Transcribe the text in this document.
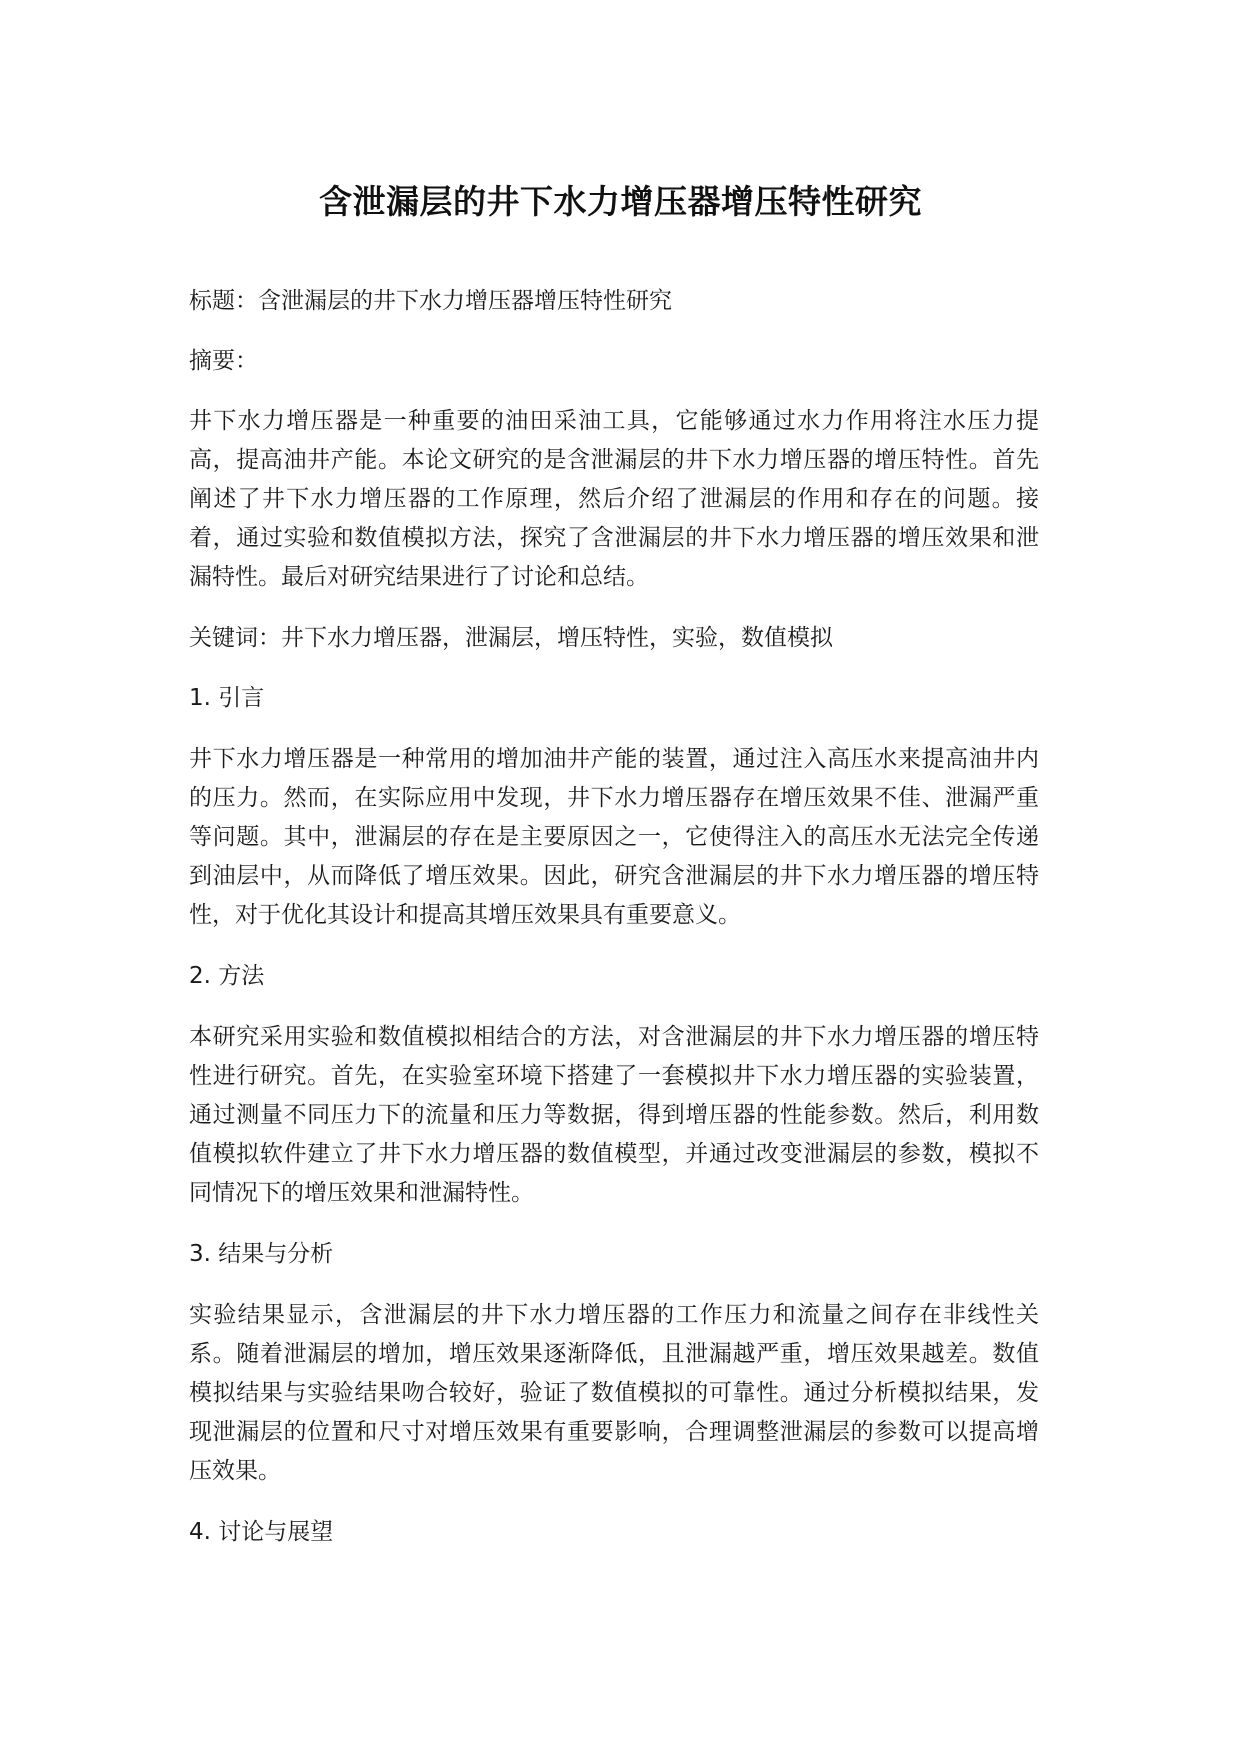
含泄漏层的井下水力增压器增压特性研究

标题：含泄漏层的井下水力增压器增压特性研究

摘要：

井下水力增压器是一种重要的油田采油工具，它能够通过水力作用将注水压力提高，提高油井产能。本论文研究的是含泄漏层的井下水力增压器的增压特性。首先阐述了井下水力增压器的工作原理，然后介绍了泄漏层的作用和存在的问题。接着，通过实验和数值模拟方法，探究了含泄漏层的井下水力增压器的增压效果和泄漏特性。最后对研究结果进行了讨论和总结。

关键词：井下水力增压器，泄漏层，增压特性，实验，数值模拟

1. 引言

井下水力增压器是一种常用的增加油井产能的装置，通过注入高压水来提高油井内的压力。然而，在实际应用中发现，井下水力增压器存在增压效果不佳、泄漏严重等问题。其中，泄漏层的存在是主要原因之一，它使得注入的高压水无法完全传递到油层中，从而降低了增压效果。因此，研究含泄漏层的井下水力增压器的增压特性，对于优化其设计和提高其增压效果具有重要意义。

2. 方法

本研究采用实验和数值模拟相结合的方法，对含泄漏层的井下水力增压器的增压特性进行研究。首先，在实验室环境下搭建了一套模拟井下水力增压器的实验装置，通过测量不同压力下的流量和压力等数据，得到增压器的性能参数。然后，利用数值模拟软件建立了井下水力增压器的数值模型，并通过改变泄漏层的参数，模拟不同情况下的增压效果和泄漏特性。

3. 结果与分析

实验结果显示，含泄漏层的井下水力增压器的工作压力和流量之间存在非线性关系。随着泄漏层的增加，增压效果逐渐降低，且泄漏越严重，增压效果越差。数值模拟结果与实验结果吻合较好，验证了数值模拟的可靠性。通过分析模拟结果，发现泄漏层的位置和尺寸对增压效果有重要影响，合理调整泄漏层的参数可以提高增压效果。

4. 讨论与展望
